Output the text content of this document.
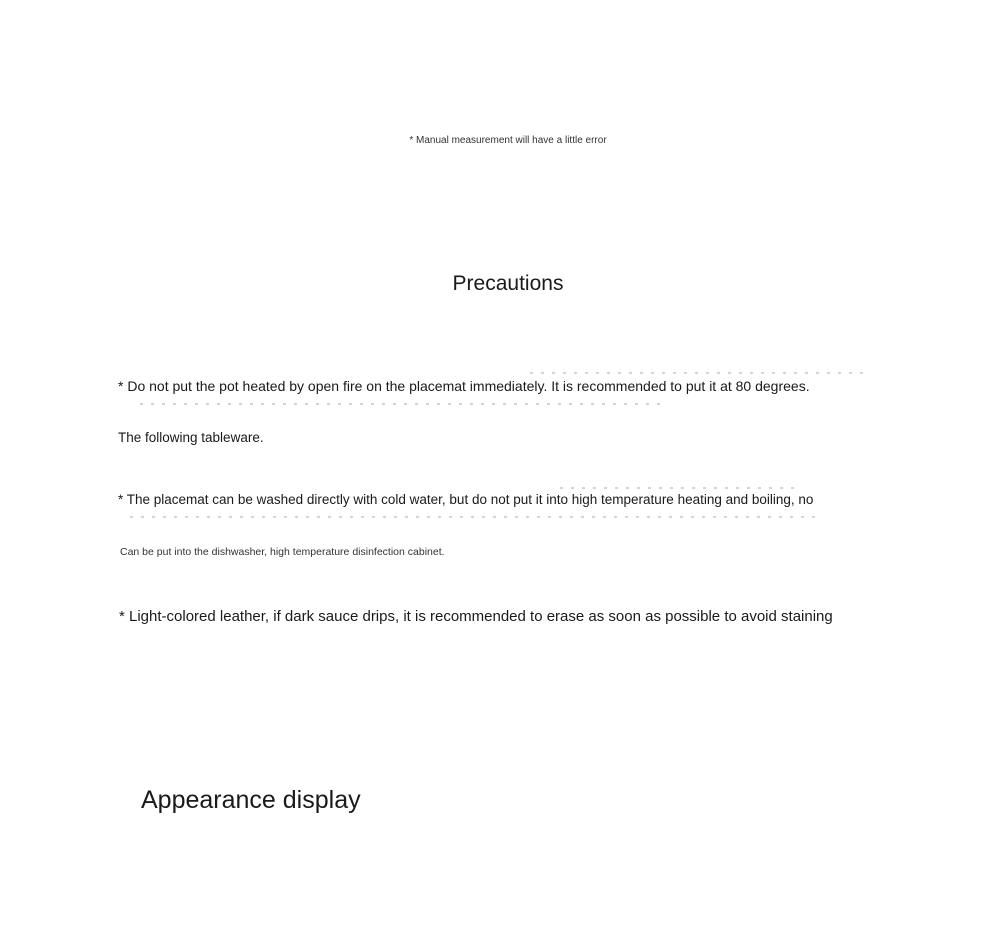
* Manual measurement will have a little error
Precautions
* Do not put the pot heated by open fire on the placemat immediately. It is recommended to put it at 80 degrees.
The following tableware.
* The placemat can be washed directly with cold water, but do not put it into high temperature heating and boiling, no
Can be put into the dishwasher, high temperature disinfection cabinet.
* Light-colored leather, if dark sauce drips, it is recommended to erase as soon as possible to avoid staining
Appearance display
